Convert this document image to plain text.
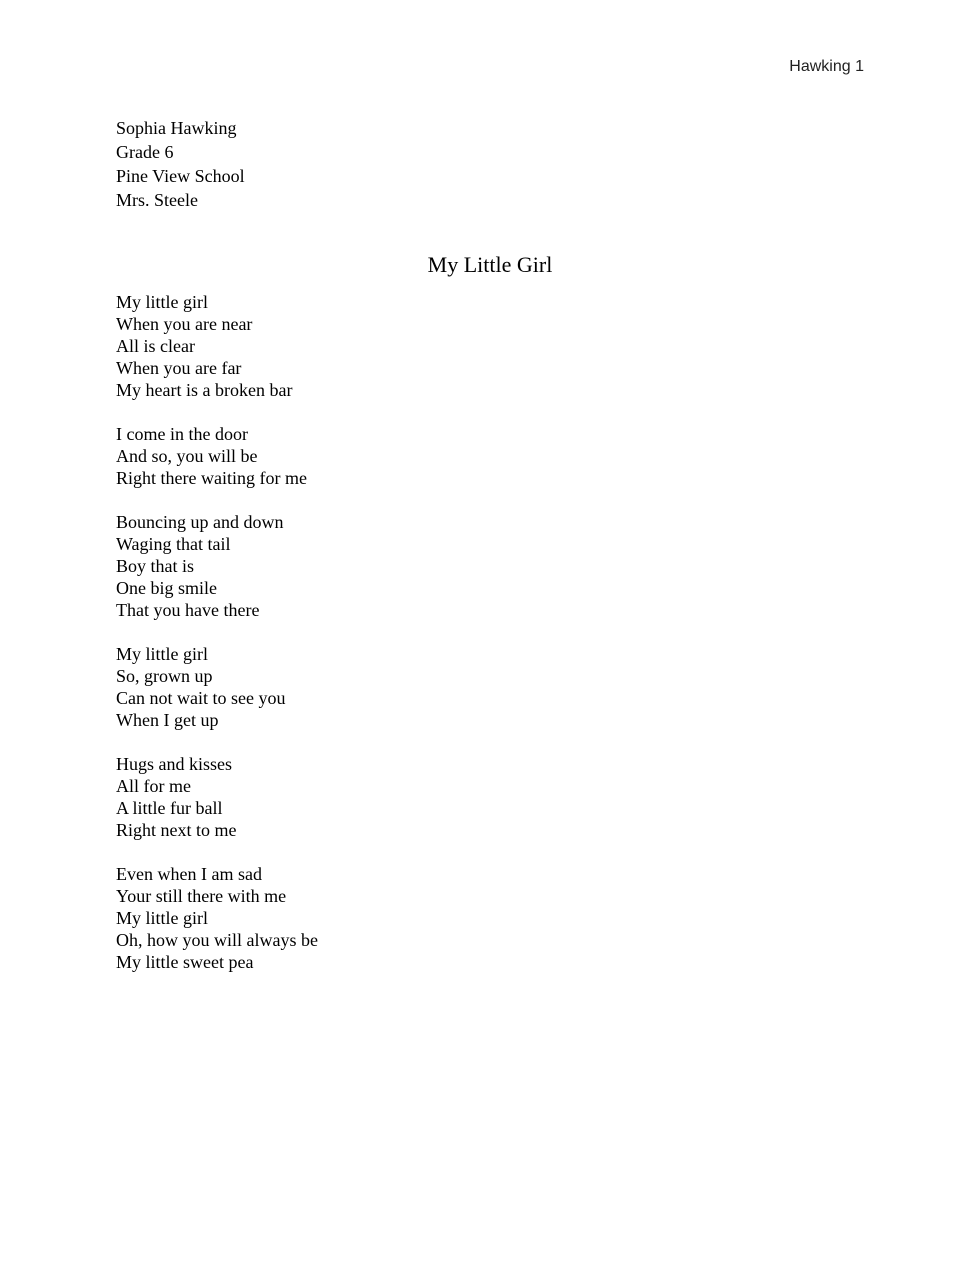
Hawking 1
Sophia Hawking
Grade 6
Pine View School
Mrs. Steele
My Little Girl
My little girl
When you are near
All is clear
When you are far
My heart is a broken bar
I come in the door
And so, you will be
Right there waiting for me
Bouncing up and down
Waging that tail
Boy that is
One big smile
That you have there
My little girl
So, grown up
Can not wait to see you
When I get up
Hugs and kisses
All for me
A little fur ball
Right next to me
Even when I am sad
Your still there with me
My little girl
Oh, how you will always be
My little sweet pea
